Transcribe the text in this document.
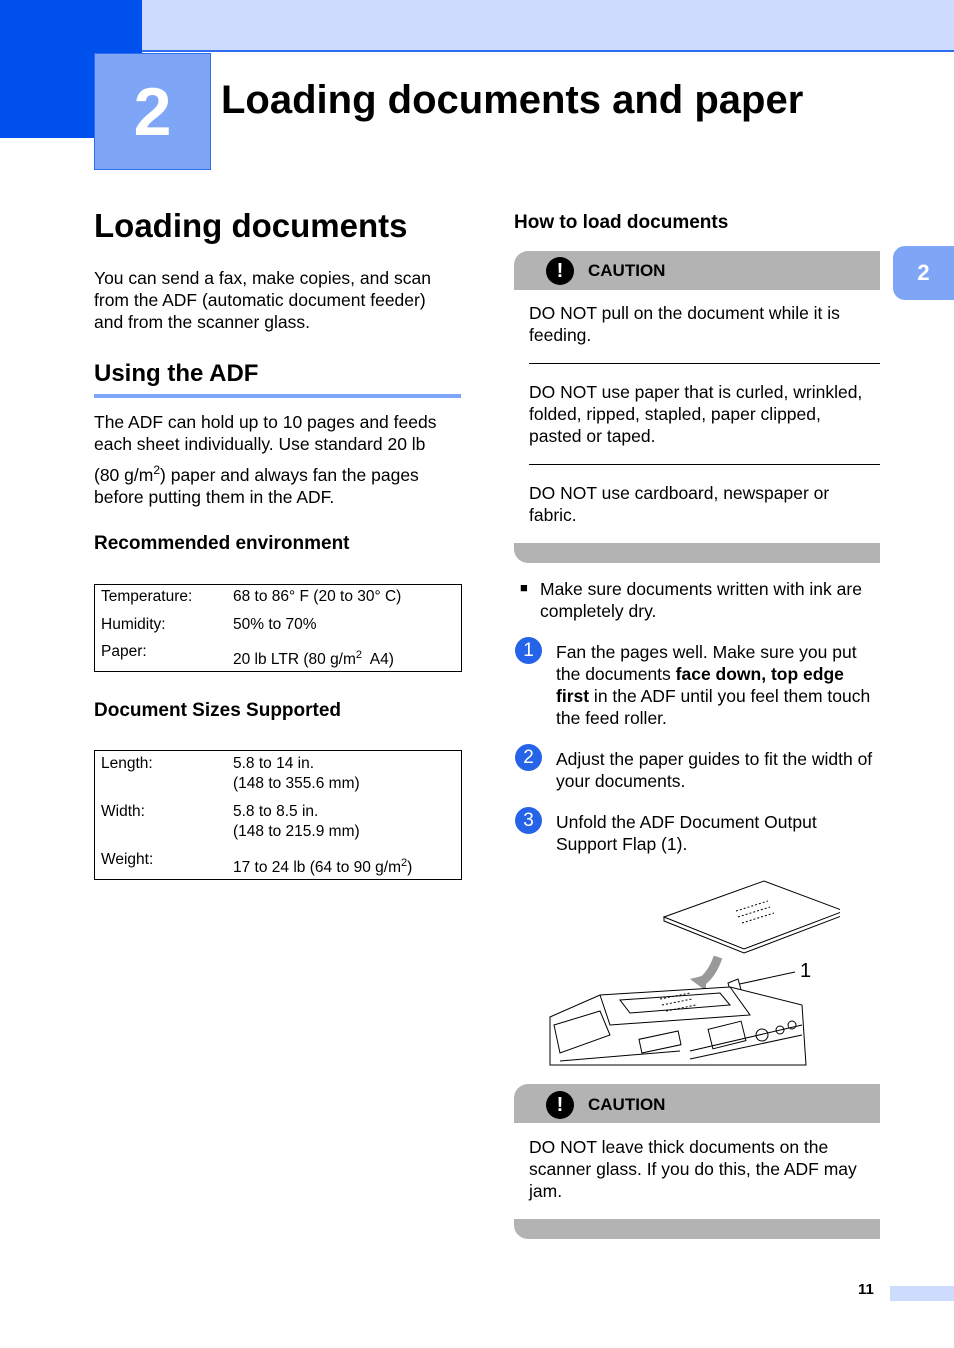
2	Loading documents and paper
2
Loading documents
You can send a fax, make copies, and scan
from the ADF (automatic document feeder)
and from the scanner glass.
Using the ADF
The ADF can hold up to 10 pages and feeds
each sheet individually. Use standard 20 lb
(80 $g/m^2$) paper and always fan the pages
before putting them in the ADF.
Recommended environment
Temperature:	68 to 86° F (20 to 30° C)
Humidity:	50% to 70%
Paper:	20 lb LTR (80 $g/m^2$  A4)
Document Sizes Supported
Length:	5.8 to 14 in.
(148 to 355.6 mm)
Width:	5.8 to 8.5 in.
(148 to 215.9 mm)
Weight:	17 to 24 lb (64 to 90 $g/m^2$)
How to load documents
!	CAUTION
DO NOT pull on the document while it is
feeding.
DO NOT use paper that is curled, wrinkled,
folded, ripped, stapled, paper clipped,
pasted or taped.
DO NOT use cardboard, newspaper or
fabric.
■ Make sure documents written with ink are
completely dry.
1	Fan the pages well. Make sure you put
the documents face down, top edge
first in the ADF until you feel them touch
the feed roller.
2	Adjust the paper guides to fit the width of
your documents.
3	Unfold the ADF Document Output
Support Flap (1).
1
!	CAUTION
DO NOT leave thick documents on the
scanner glass. If you do this, the ADF may
jam.
11
